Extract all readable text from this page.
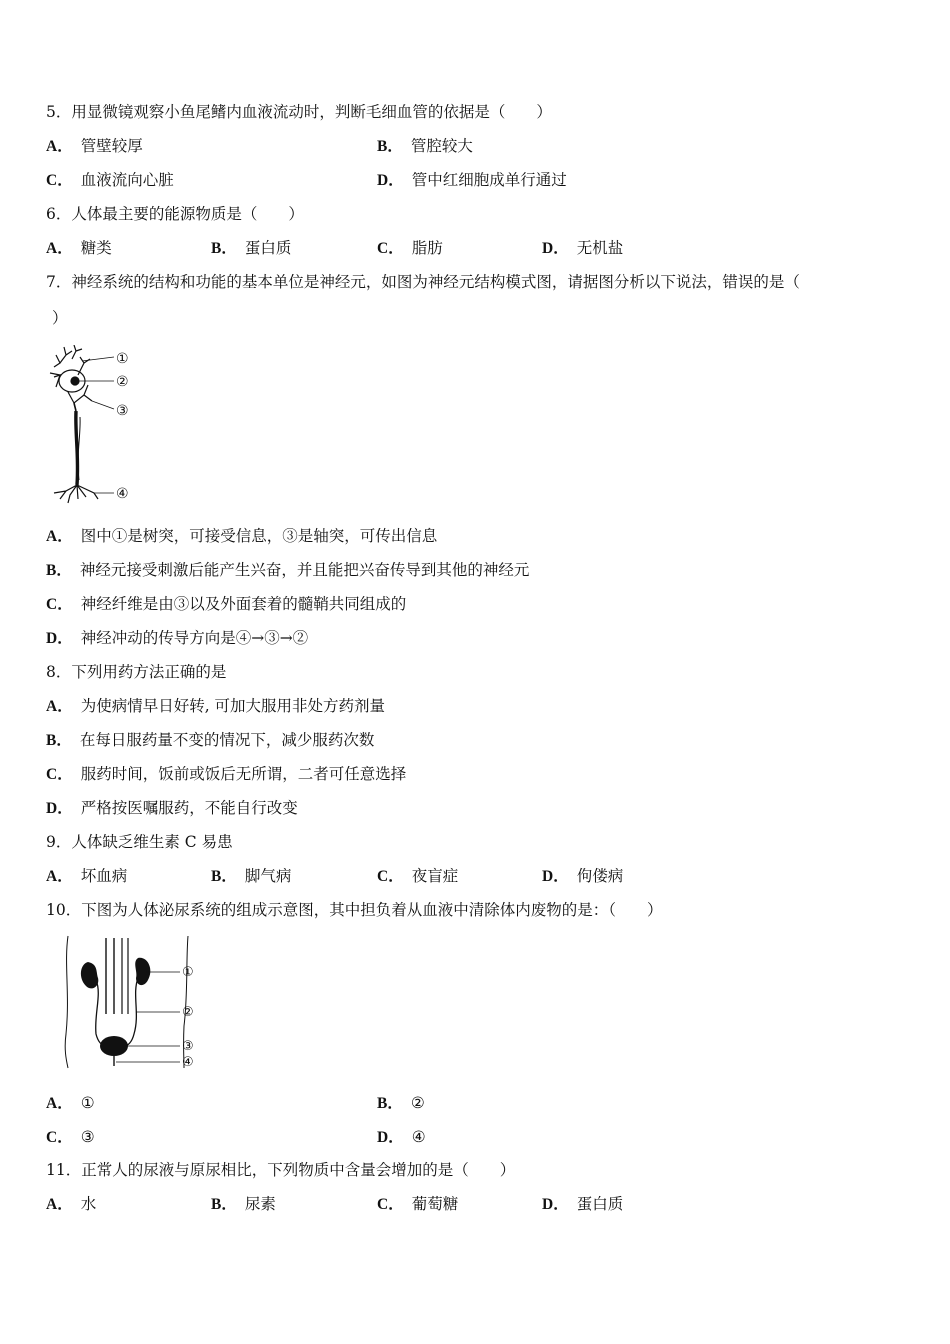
5．用显微镜观察小鱼尾鳍内血液流动时，判断毛细血管的依据是（　　）
A． 管壁较厚	B． 管腔较大
C． 血液流向心脏	D． 管中红细胞成单行通过
6．人体最主要的能源物质是（　　）
A． 糖类	B． 蛋白质	C． 脂肪	D． 无机盐
7．神经系统的结构和功能的基本单位是神经元，如图为神经元结构模式图，请据图分析以下说法，错误的是（
）
①
②
③
④
A． 图中①是树突，可接受信息，③是轴突，可传出信息
B． 神经元接受刺激后能产生兴奋，并且能把兴奋传导到其他的神经元
C． 神经纤维是由③以及外面套着的髓鞘共同组成的
D． 神经冲动的传导方向是④→③→②
8．下列用药方法正确的是
A． 为使病情早日好转, 可加大服用非处方药剂量
B． 在每日服药量不变的情况下，减少服药次数
C． 服药时间，饭前或饭后无所谓，二者可任意选择
D． 严格按医嘱服药，不能自行改变
9．人体缺乏维生素 C 易患
A． 坏血病	B． 脚气病	C． 夜盲症	D． 佝偻病
10．下图为人体泌尿系统的组成示意图，其中担负着从血液中清除体内废物的是：（　　）
①
②
③
④
A． ①	B． ②
C． ③	D． ④
11．正常人的尿液与原尿相比，下列物质中含量会增加的是（　　）
A． 水	B． 尿素	C． 葡萄糖	D． 蛋白质
